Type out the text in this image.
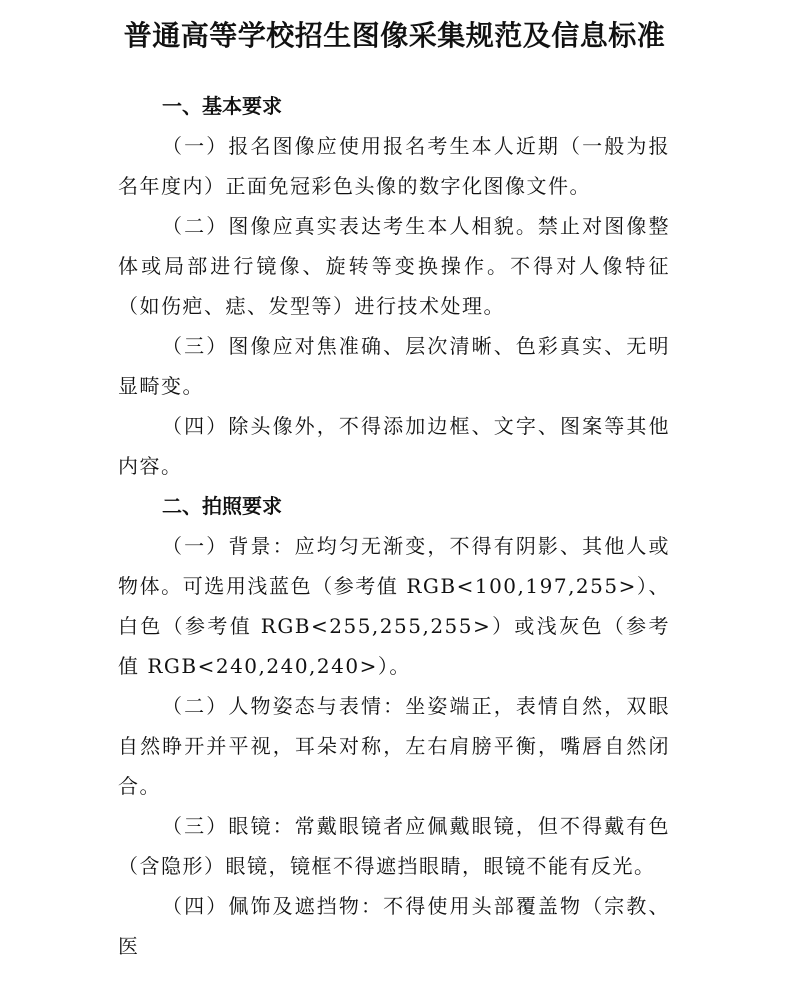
普通高等学校招生图像采集规范及信息标准

一、基本要求

（一）报名图像应使用报名考生本人近期（一般为报名年度内）正面免冠彩色头像的数字化图像文件。

（二）图像应真实表达考生本人相貌。禁止对图像整体或局部进行镜像、旋转等变换操作。不得对人像特征（如伤疤、痣、发型等）进行技术处理。

（三）图像应对焦准确、层次清晰、色彩真实、无明显畸变。

（四）除头像外，不得添加边框、文字、图案等其他内容。

二、拍照要求

（一）背景：应均匀无渐变，不得有阴影、其他人或物体。可选用浅蓝色（参考值 RGB<100,197,255>）、白色（参考值 RGB<255,255,255>）或浅灰色（参考值 RGB<240,240,240>）。

（二）人物姿态与表情：坐姿端正，表情自然，双眼自然睁开并平视，耳朵对称，左右肩膀平衡，嘴唇自然闭合。

（三）眼镜：常戴眼镜者应佩戴眼镜，但不得戴有色（含隐形）眼镜，镜框不得遮挡眼睛，眼镜不能有反光。

（四）佩饰及遮挡物：不得使用头部覆盖物（宗教、医
